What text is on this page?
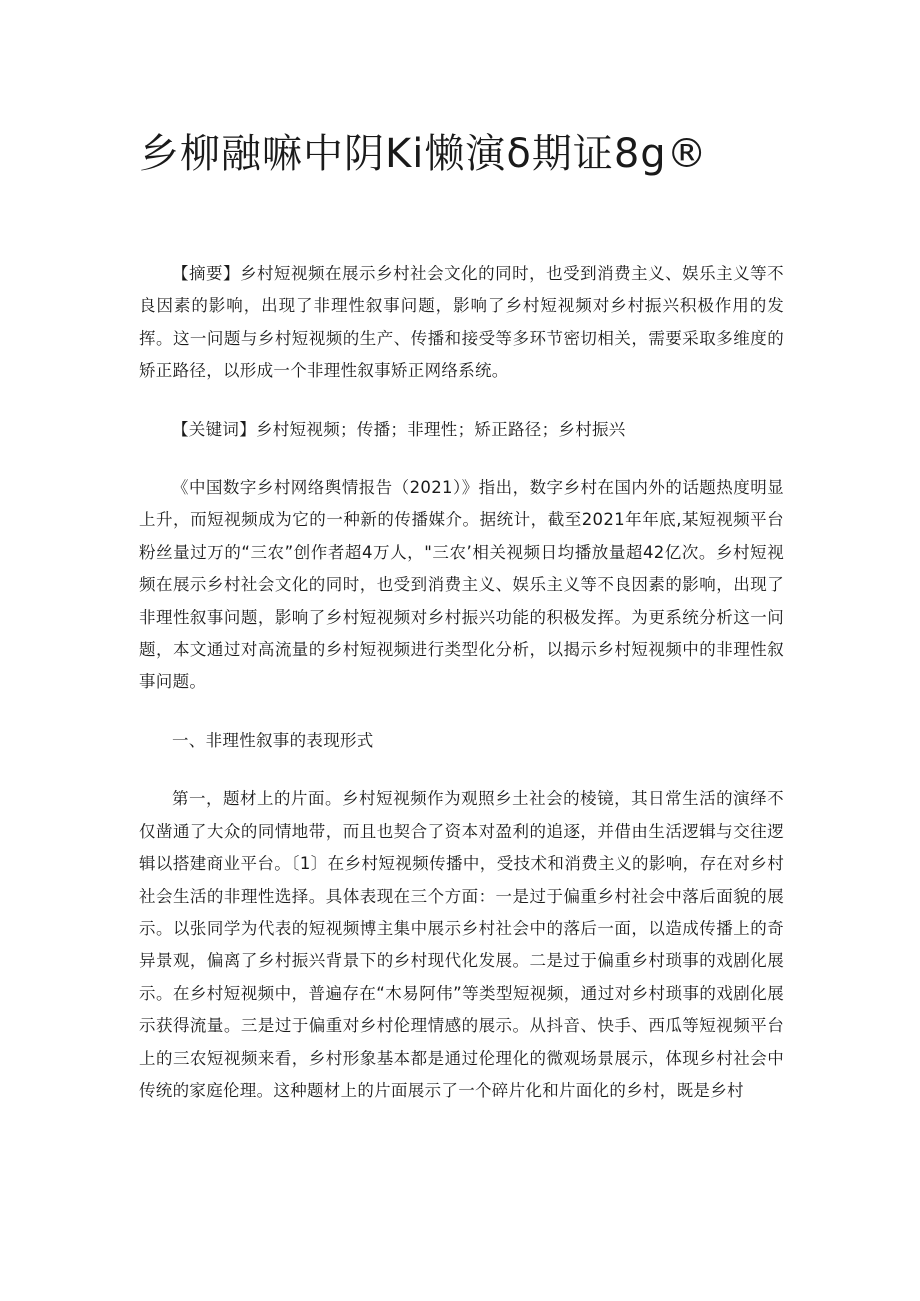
乡柳融嘛中阴Ki懒演δ期证8g®

【摘要】乡村短视频在展示乡村社会文化的同时，也受到消费主义、娱乐主义等不良因素的影响，出现了非理性叙事问题，影响了乡村短视频对乡村振兴积极作用的发挥。这一问题与乡村短视频的生产、传播和接受等多环节密切相关，需要采取多维度的矫正路径，以形成一个非理性叙事矫正网络系统。

【关键词】乡村短视频；传播；非理性；矫正路径；乡村振兴

《中国数字乡村网络舆情报告（2021）》指出，数字乡村在国内外的话题热度明显上升，而短视频成为它的一种新的传播媒介。据统计，截至2021年年底,某短视频平台粉丝量过万的“三农”创作者超4万人，"三农’相关视频日均播放量超42亿次。乡村短视频在展示乡村社会文化的同时，也受到消费主义、娱乐主义等不良因素的影响，出现了非理性叙事问题，影响了乡村短视频对乡村振兴功能的积极发挥。为更系统分析这一问题，本文通过对高流量的乡村短视频进行类型化分析，以揭示乡村短视频中的非理性叙事问题。

一、非理性叙事的表现形式

第一，题材上的片面。乡村短视频作为观照乡土社会的棱镜，其日常生活的演绎不仅凿通了大众的同情地带，而且也契合了资本对盈利的追逐，并借由生活逻辑与交往逻辑以搭建商业平台。〔1〕在乡村短视频传播中，受技术和消费主义的影响，存在对乡村社会生活的非理性选择。具体表现在三个方面：一是过于偏重乡村社会中落后面貌的展示。以张同学为代表的短视频博主集中展示乡村社会中的落后一面，以造成传播上的奇异景观，偏离了乡村振兴背景下的乡村现代化发展。二是过于偏重乡村琐事的戏剧化展示。在乡村短视频中，普遍存在“木易阿伟”等类型短视频，通过对乡村琐事的戏剧化展示获得流量。三是过于偏重对乡村伦理情感的展示。从抖音、快手、西瓜等短视频平台上的三农短视频来看，乡村形象基本都是通过伦理化的微观场景展示，体现乡村社会中传统的家庭伦理。这种题材上的片面展示了一个碎片化和片面化的乡村，既是乡村
